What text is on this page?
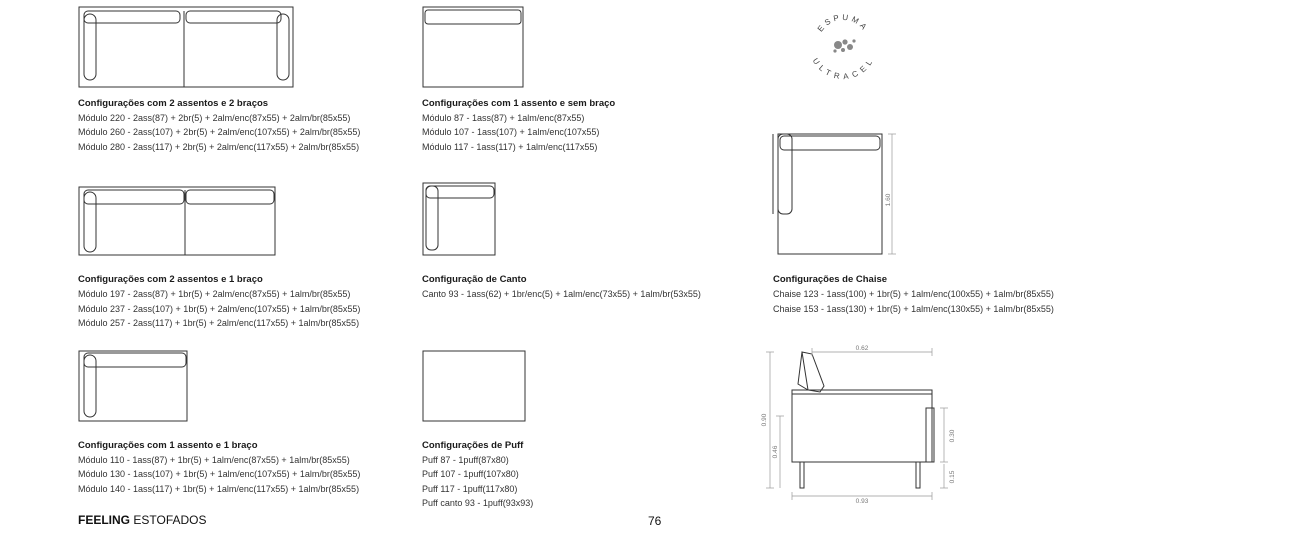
ESPUMA
ULTRACEL
1.60
0.62
0.93
0.90
0.46
0.30
0.15
Configurações com 2 assentos e 2 braços
Módulo 220 - 2ass(87) + 2br(5) + 2alm/enc(87x55) + 2alm/br(85x55)
Módulo 260 - 2ass(107) + 2br(5) + 2alm/enc(107x55) + 2alm/br(85x55)
Módulo 280 - 2ass(117) + 2br(5) + 2alm/enc(117x55) + 2alm/br(85x55)
Configurações com 1 assento e sem braço
Módulo 87 - 1ass(87) + 1alm/enc(87x55)
Módulo 107 - 1ass(107) + 1alm/enc(107x55)
Módulo 117 - 1ass(117) + 1alm/enc(117x55)
Configurações com 2 assentos e 1 braço
Módulo 197 - 2ass(87) + 1br(5) + 2alm/enc(87x55) + 1alm/br(85x55)
Módulo 237 - 2ass(107) + 1br(5) + 2alm/enc(107x55) + 1alm/br(85x55)
Módulo 257 - 2ass(117) + 1br(5) + 2alm/enc(117x55) + 1alm/br(85x55)
Configuração de Canto
Canto 93 - 1ass(62) + 1br/enc(5) + 1alm/enc(73x55) + 1alm/br(53x55)
Configurações de Chaise
Chaise 123 - 1ass(100) + 1br(5) + 1alm/enc(100x55) + 1alm/br(85x55)
Chaise 153 - 1ass(130) + 1br(5) + 1alm/enc(130x55) + 1alm/br(85x55)
Configurações com 1 assento e 1 braço
Módulo 110 - 1ass(87) + 1br(5) + 1alm/enc(87x55) + 1alm/br(85x55)
Módulo 130 - 1ass(107) + 1br(5) + 1alm/enc(107x55) + 1alm/br(85x55)
Módulo 140 - 1ass(117) + 1br(5) + 1alm/enc(117x55) + 1alm/br(85x55)
Configurações de Puff
Puff 87 - 1puff(87x80)
Puff 107 - 1puff(107x80)
Puff 117 - 1puff(117x80)
Puff canto 93 - 1puff(93x93)
FEELING ESTOFADOS	76
